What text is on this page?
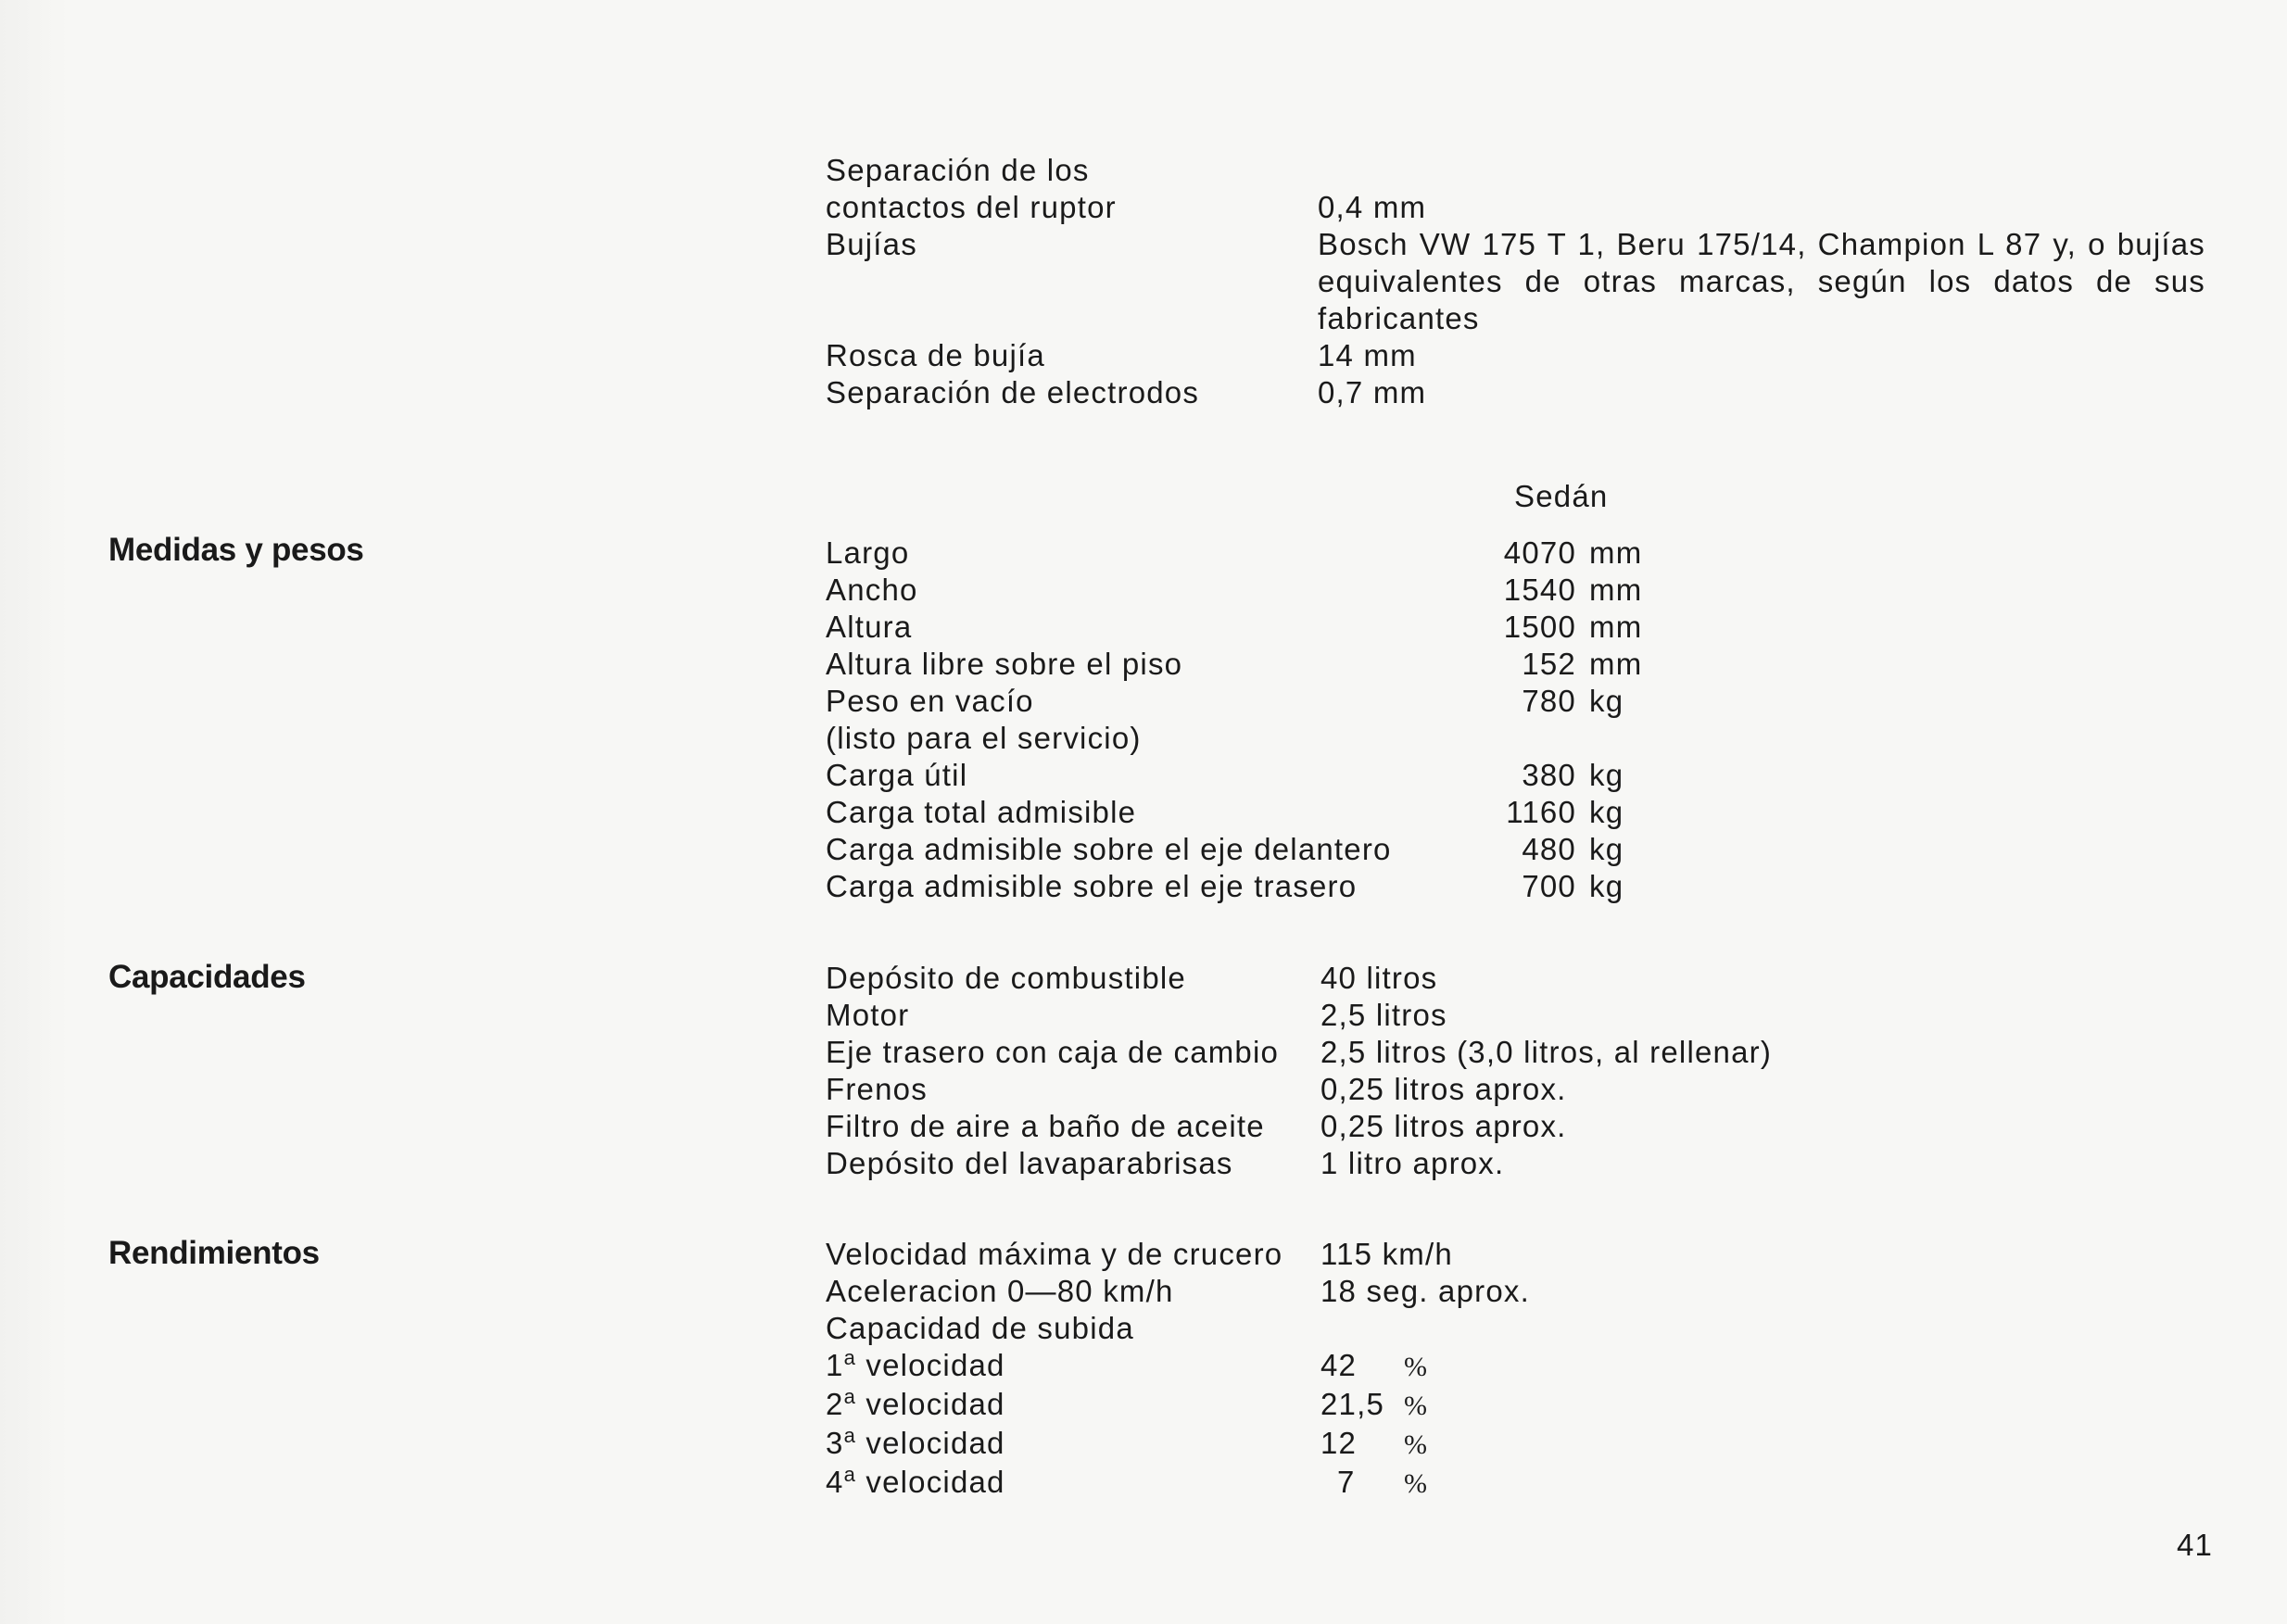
Separación de los
contactos del ruptor	0,4 mm
Bujías	Bosch VW 175 T 1, Beru 175/14, Champion L 87 y, o bujías
equivalentes de otras marcas, según los datos de sus
fabricantes
Rosca de bujía	14 mm
Separación de electrodos	0,7 mm
Sedán
Medidas y pesos	Largo	4070 mm
Ancho	1540 mm
Altura	1500 mm
Altura libre sobre el piso	152 mm
Peso en vacío	780 kg
(listo para el servicio)
Carga útil	380 kg
Carga total admisible	1160 kg
Carga admisible sobre el eje delantero	480 kg
Carga admisible sobre el eje trasero	700 kg
Capacidades	Depósito de combustible	40 litros
Motor	2,5 litros
Eje trasero con caja de cambio 2,5 litros (3,0 litros, al rellenar)
Frenos	0,25 litros aprox.
Filtro de aire a baño de aceite 0,25 litros aprox.
Depósito del lavaparabrisas	1 litro aprox.
Rendimientos	Velocidad máxima y de crucero 115 km/h
Aceleracion 0—80 km/h	18 seg. aprox.
Capacidad de subida
1$^a$ velocidad	42 %
2$^a$ velocidad	21,5 %
3$^a$ velocidad	12 %
4$^a$ velocidad	7 %
41
